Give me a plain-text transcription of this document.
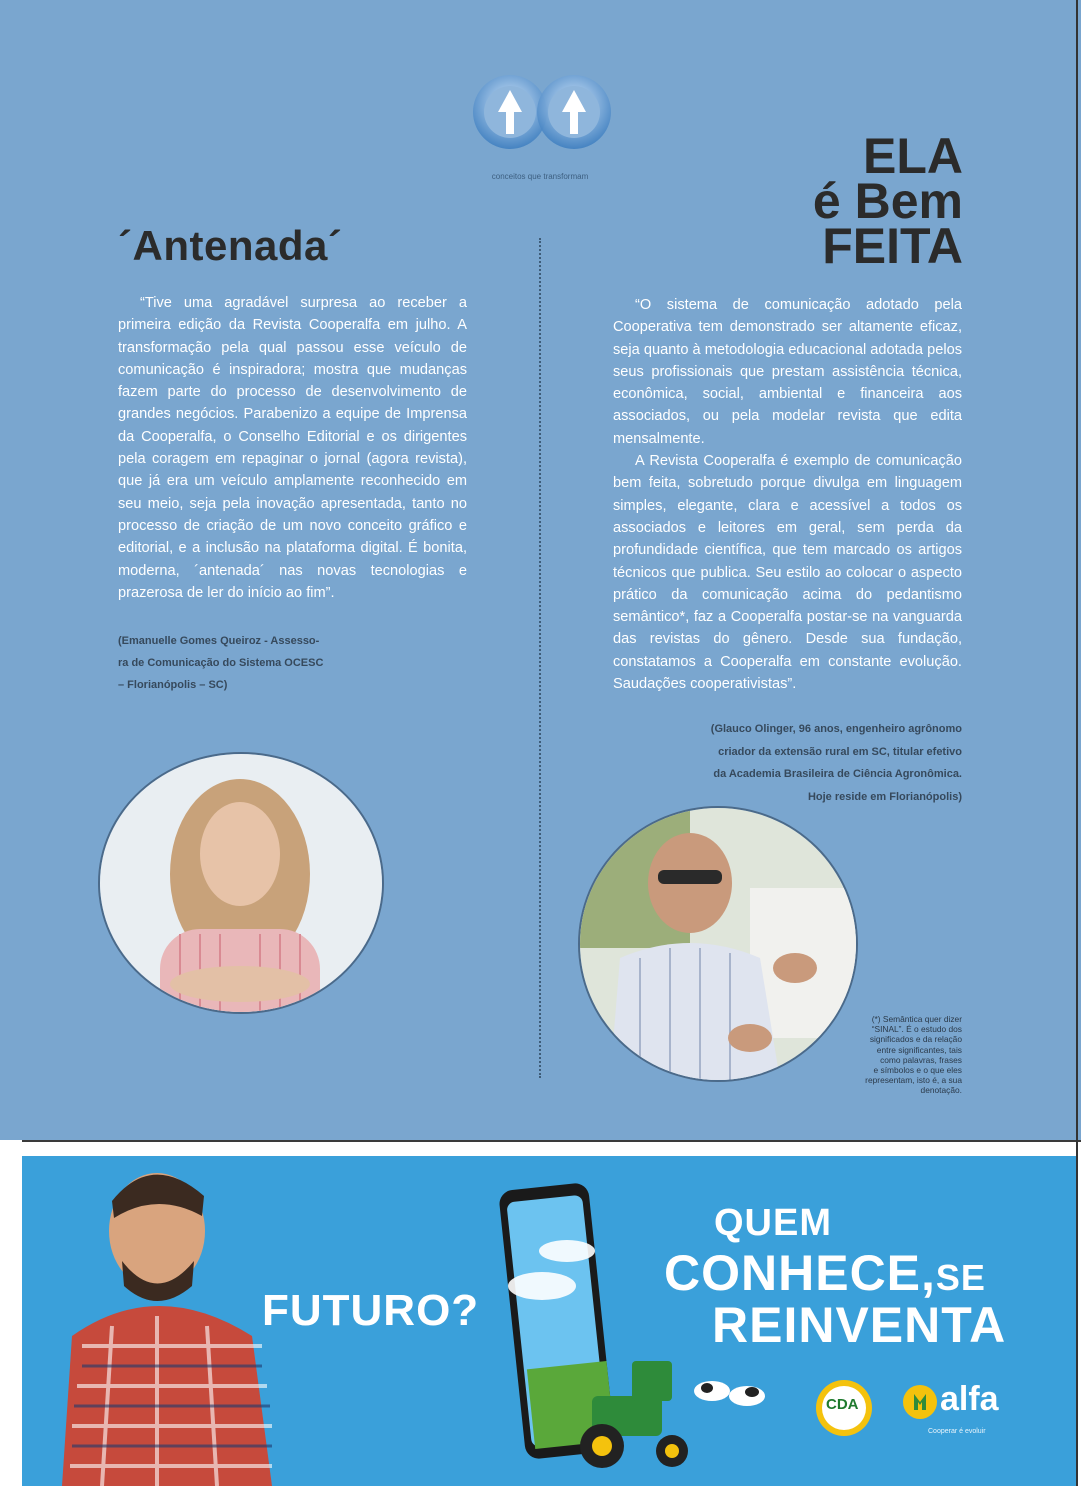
conceitos que transformam
´Antenada´
ELA
é Bem
FEITA

“Tive uma agradável surpresa ao receber a primeira edição da Revista Cooperalfa em julho. A transformação pela qual passou esse veículo de comunicação é inspiradora; mostra que mudanças fazem parte do processo de desenvolvimento de grandes negócios. Parabenizo a equipe de Imprensa da Cooperalfa, o Conselho Editorial e os dirigentes pela coragem em repaginar o jornal (agora revista), que já era um veículo amplamente reconhecido em seu meio, seja pela inovação apresentada, tanto no processo de criação de um novo conceito gráfico e editorial, e a inclusão na plataforma digital. É bonita, moderna, ´antenada´ nas novas tecnologias e prazerosa de ler do início ao fim”.

(Emanuelle Gomes Queiroz - Assesso-
ra de Comunicação do Sistema OCESC
– Florianópolis – SC)

“O sistema de comunicação adotado pela Cooperativa tem demonstrado ser altamente eficaz, seja quanto à metodologia educacional adotada pelos seus profissionais que prestam assistência técnica, econômica, social, ambiental e financeira aos associados, ou pela modelar revista que edita mensalmente.

A Revista Cooperalfa é exemplo de comunicação bem feita, sobretudo porque divulga em linguagem simples, elegante, clara e acessível a todos os associados e leitores em geral, sem perda da profundidade científica, que tem marcado os artigos técnicos que publica. Seu estilo ao colocar o aspecto prático da comunicação acima do pedantismo semântico*, faz a Cooperalfa postar-se na vanguarda das revistas do gênero. Desde sua fundação, constatamos a Cooperalfa em constante evolução. Saudações cooperativistas”.

(Glauco Olinger, 96 anos, engenheiro agrônomo
criador da extensão rural em SC, titular efetivo
da Academia Brasileira de Ciência Agronômica.
Hoje reside em Florianópolis)
(*) Semântica quer dizer
“SINAL”. É o estudo dos
significados e da relação
entre significantes, tais
como palavras, frases
e símbolos e o que eles
representam, isto é, a sua
denotação.
FUTURO?
QUEM
CONHECE,SE
REINVENTA
CDA alfa
Cooperar é evoluir
